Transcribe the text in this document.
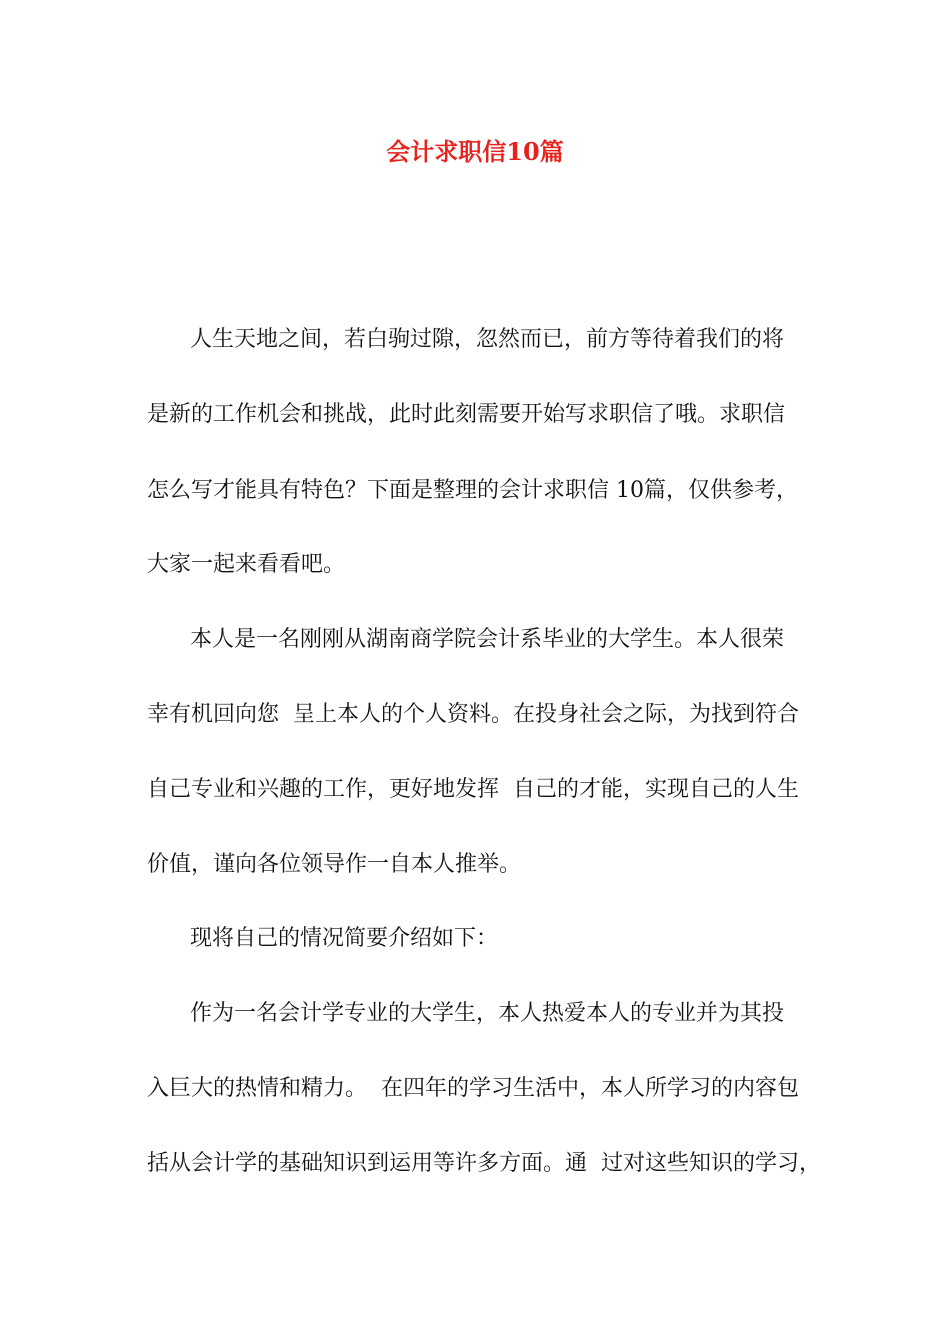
会计求职信10篇
人生天地之间，若白驹过隙，忽然而已，前方等待着我们的将
是新的工作机会和挑战，此时此刻需要开始写求职信了哦。求职信
怎么写才能具有特色？下面是整理的会计求职信 10篇，仅供参考，
大家一起来看看吧。
本人是一名刚刚从湖南商学院会计系毕业的大学生。本人很荣
幸有机回向您  呈上本人的个人资料。在投身社会之际，为找到符合
自己专业和兴趣的工作，更好地发挥  自己的才能，实现自己的人生
价值，谨向各位领导作一自本人推举。
现将自己的情况简要介绍如下：
作为一名会计学专业的大学生，本人热爱本人的专业并为其投
入巨大的热情和精力。  在四年的学习生活中，本人所学习的内容包
括从会计学的基础知识到运用等许多方面。通  过对这些知识的学习，
